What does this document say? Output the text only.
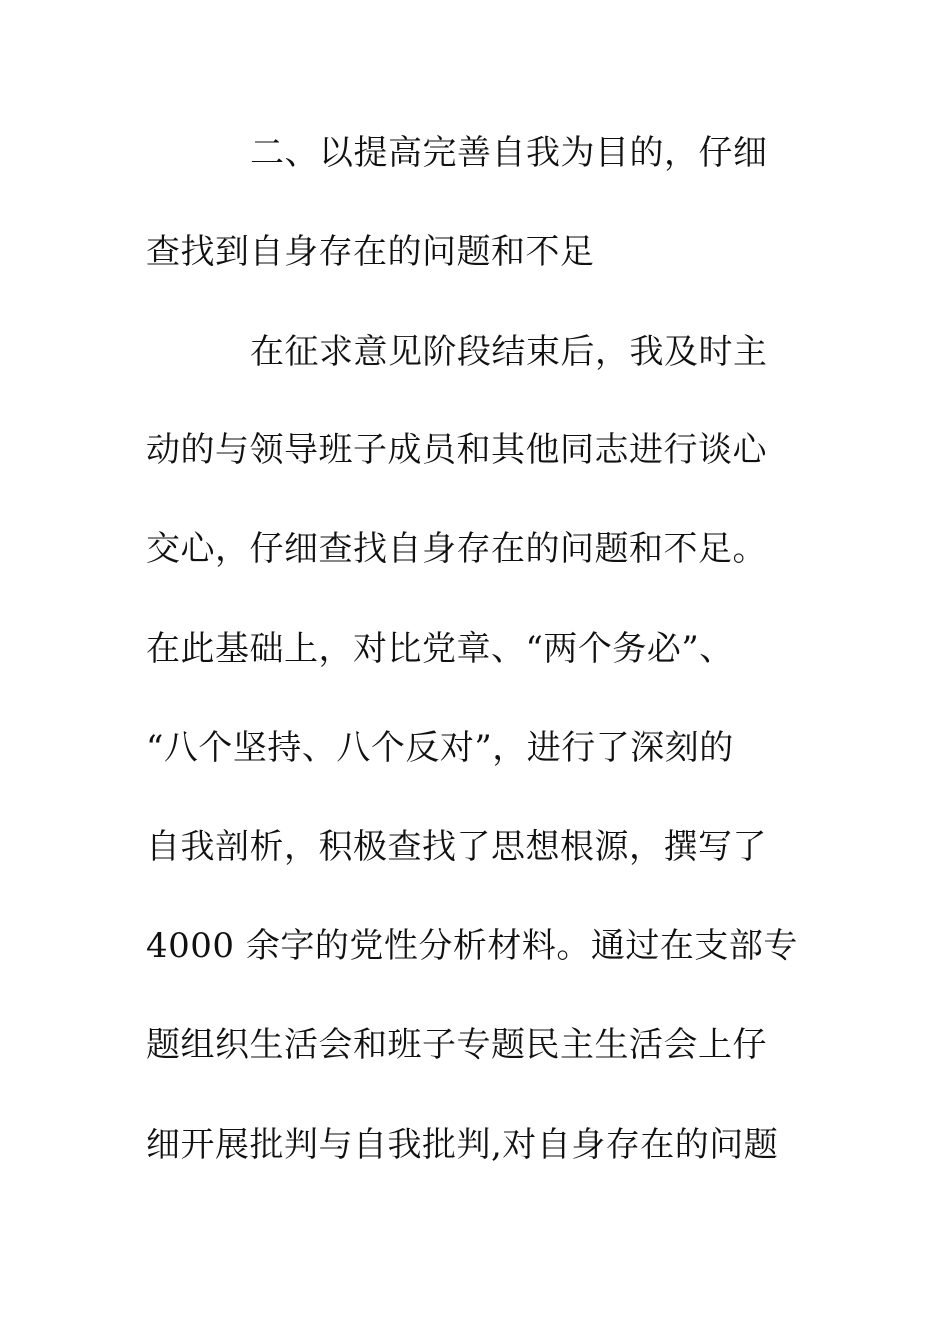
二、以提高完善自我为目的，仔细
查找到自身存在的问题和不足
在征求意见阶段结束后，我及时主
动的与领导班子成员和其他同志进行谈心
交心，仔细查找自身存在的问题和不足。
在此基础上，对比党章、“两个务必”、
“八个坚持、八个反对”，进行了深刻的
自我剖析，积极查找了思想根源，撰写了
4000 余字的党性分析材料。通过在支部专
题组织生活会和班子专题民主生活会上仔
细开展批判与自我批判,对自身存在的问题
